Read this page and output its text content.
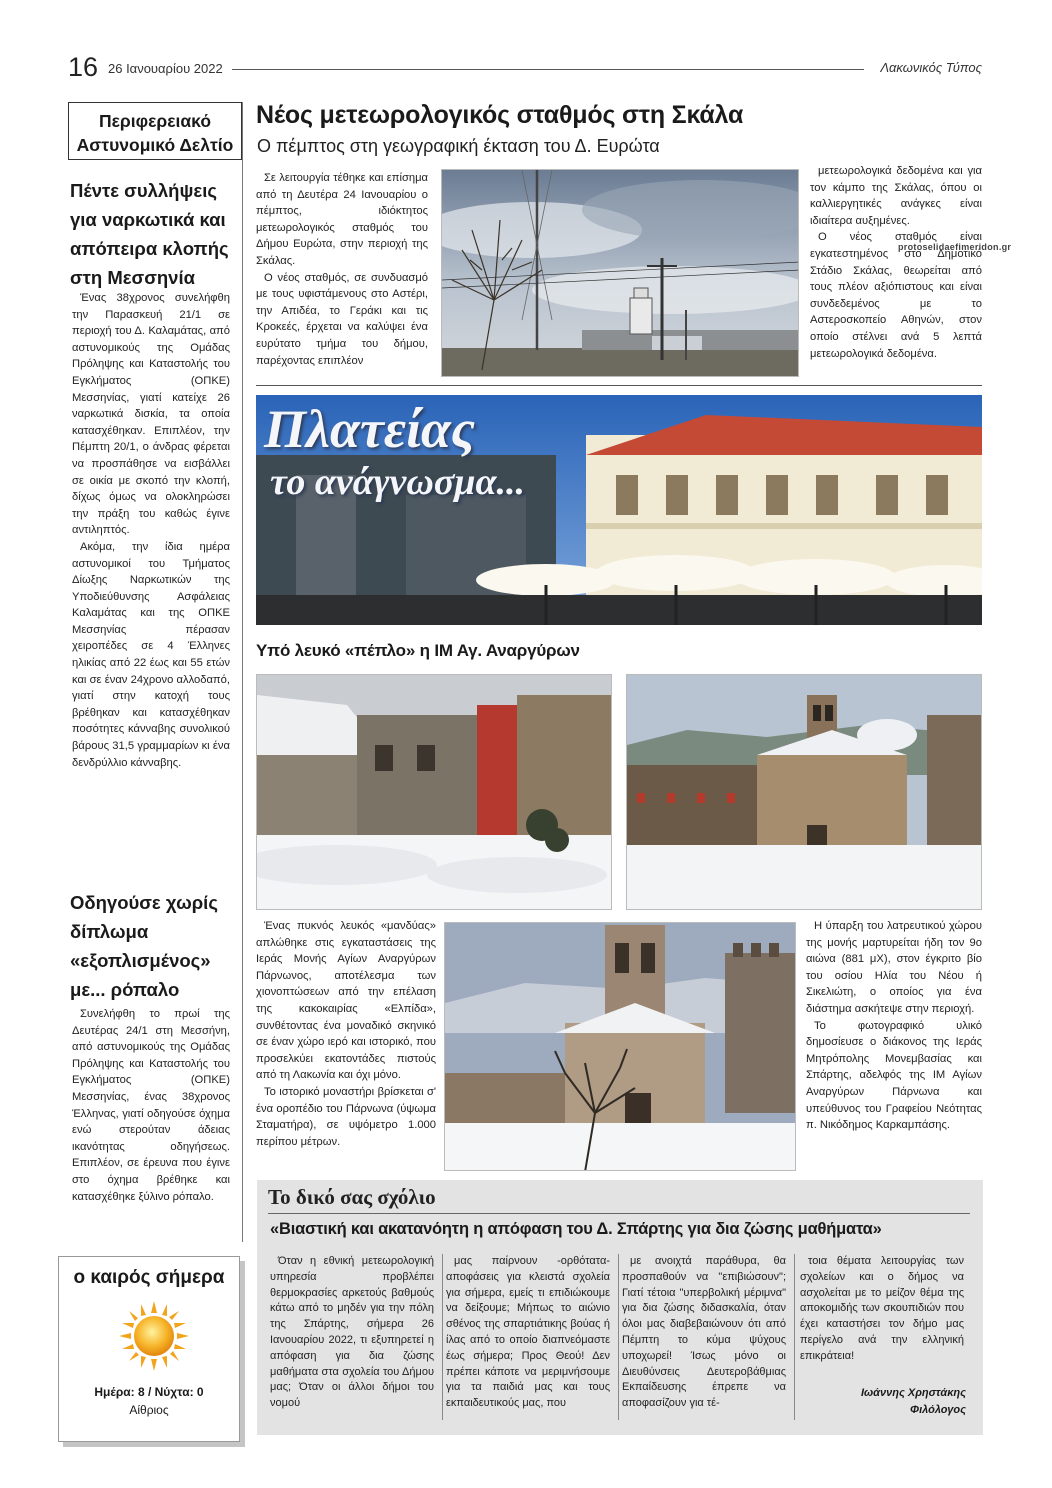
16 26 Ιανουαρίου 2022	Λακωνικός Τύπος
Περιφερειακό
Αστυνομικό Δελτίο
Πέντε συλλήψεις για ναρκωτικά και απόπειρα κλοπής στη Μεσσηνία

Ένας 38χρονος συνελήφθη την Παρασκευή 21/1 σε περιοχή του Δ. Καλαμάτας, από αστυνομικούς της Ομάδας Πρόληψης και Καταστολής του Εγκλήματος (ΟΠΚΕ) Μεσσηνίας, γιατί κατείχε 26 ναρκωτικά δισκία, τα οποία κατασχέθηκαν. Επιπλέον, την Πέμπτη 20/1, ο άνδρας φέρεται να προσπάθησε να εισβάλλει σε οικία με σκοπό την κλοπή, δίχως όμως να ολοκληρώσει την πράξη του καθώς έγινε αντιληπτός.

Ακόμα, την ίδια ημέρα αστυνομικοί του Τμήματος Δίωξης Ναρκωτικών της Υποδιεύθυνσης Ασφάλειας Καλαμάτας και της ΟΠΚΕ Μεσσηνίας πέρασαν χειροπέδες σε 4 Έλληνες ηλικίας από 22 έως και 55 ετών και σε έναν 24χρονο αλλοδαπό, γιατί στην κατοχή τους βρέθηκαν και κατασχέθηκαν ποσότητες κάνναβης συνολικού βάρους 31,5 γραμμαρίων κι ένα δενδρύλλιο κάνναβης.

Οδηγούσε χωρίς δίπλωμα «εξοπλισμένος» με... ρόπαλο

Συνελήφθη το πρωί της Δευτέρας 24/1 στη Μεσσήνη, από αστυνομικούς της Ομάδας Πρόληψης και Καταστολής του Εγκλήματος (ΟΠΚΕ) Μεσσηνίας, ένας 38χρονος Έλληνας, γιατί οδηγούσε όχημα ενώ στερούταν άδειας ικανότητας οδηγήσεως. Επιπλέον, σε έρευνα που έγινε στο όχημα βρέθηκε και κατασχέθηκε ξύλινο ρόπαλο.

ο καιρός σήμερα
Ημέρα: 8 / Νύχτα: 0
Αίθριος
Νέος μετεωρολογικός σταθμός στη Σκάλα
Ο πέμπτος στη γεωγραφική έκταση του Δ. Ευρώτα

Σε λειτουργία τέθηκε και επίσημα από τη Δευτέρα 24 Ιανουαρίου ο πέμπτος, ιδιόκτητος μετεωρολογικός σταθμός του Δήμου Ευρώτα, στην περιοχή της Σκάλας.

Ο νέος σταθμός, σε συνδυασμό με τους υφιστάμενους στο Αστέρι, την Απιδέα, το Γεράκι και τις Κροκεές, έρχεται να καλύψει ένα ευρύτατο τμήμα του δήμου, παρέχοντας επιπλέον

μετεωρολογικά δεδομένα και για τον κάμπο της Σκάλας, όπου οι καλλιεργητικές ανάγκες είναι ιδιαίτερα αυξημένες.

Ο νέος σταθμός είναι εγκατεστημένος στο Δημοτικό Στάδιο Σκάλας, θεωρείται από τους πλέον αξιόπιστους και είναι συνδεδεμένος με το Αστεροσκοπείο Αθηνών, στον οποίο στέλνει ανά 5 λεπτά μετεωρολογικά δεδομένα.

protoselidaefimeridon.gr
Πλατείας
το ανάγνωσμα...
Υπό λευκό «πέπλο» η ΙΜ Αγ. Αναργύρων

Ένας πυκνός λευκός «μανδύας» απλώθηκε στις εγκαταστάσεις της Ιεράς Μονής Αγίων Αναργύρων Πάρνωνος, αποτέλεσμα των χιονοπτώσεων από την επέλαση της κακοκαιρίας «Ελπίδα», συνθέτοντας ένα μοναδικό σκηνικό σε έναν χώρο ιερό και ιστορικό, που προσελκύει εκατοντάδες πιστούς από τη Λακωνία και όχι μόνο.

Το ιστορικό μοναστήρι βρίσκεται σ' ένα οροπέδιο του Πάρνωνα (ύψωμα Σταματήρα), σε υψόμετρο 1.000 περίπου μέτρων.

Η ύπαρξη του λατρευτικού χώρου της μονής μαρτυρείται ήδη τον 9ο αιώνα (881 μΧ), στον έγκριτο βίο του οσίου Ηλία του Νέου ή Σικελιώτη, ο οποίος για ένα διάστημα ασκήτεψε στην περιοχή.

Το φωτογραφικό υλικό δημοσίευσε ο διάκονος της Ιεράς Μητρόπολης Μονεμβασίας και Σπάρτης, αδελφός της ΙΜ Αγίων Αναργύρων Πάρνωνα και υπεύθυνος του Γραφείου Νεότητας π. Νικόδημος Καρκαμπάσης.

Το δικό σας σχόλιο
«Βιαστική και ακατανόητη η απόφαση του Δ. Σπάρτης για δια ζώσης μαθήματα»

Όταν η εθνική μετεωρολογική υπηρεσία προβλέπει θερμοκρασίες αρκετούς βαθμούς κάτω από το μηδέν για την πόλη της Σπάρτης, σήμερα 26 Ιανουαρίου 2022, τι εξυπηρετεί η απόφαση για δια ζώσης μαθήματα στα σχολεία του Δήμου μας; Όταν οι άλλοι δήμοι του νομού

μας παίρνουν -ορθότατα- αποφάσεις για κλειστά σχολεία για σήμερα, εμείς τι επιδιώκουμε να δείξουμε; Μήπως το αιώνιο σθένος της σπαρτιάτικης βούας ή ίλας από το οποίο διαπνεόμαστε έως σήμερα; Προς Θεού! Δεν πρέπει κάποτε να μεριμνήσουμε για τα παιδιά μας και τους εκπαιδευτικούς μας, που

με ανοιχτά παράθυρα, θα προσπαθούν να "επιβιώσουν"; Γιατί τέτοια "υπερβολική μέριμνα" για δια ζώσης διδασκαλία, όταν όλοι μας διαβεβαιώνουν ότι από Πέμπτη το κύμα ψύχους υποχωρεί! Ίσως μόνο οι Διευθύνσεις Δευτεροβάθμιας Εκπαίδευσης έπρεπε να αποφασίζουν για τέ-

τοια θέματα λειτουργίας των σχολείων και ο δήμος να ασχολείται με το μείζον θέμα της αποκομιδής των σκουπιδιών που έχει καταστήσει τον δήμο μας περίγελο ανά την ελληνική επικράτεια!

Ιωάννης Χρηστάκης
Φιλόλογος
